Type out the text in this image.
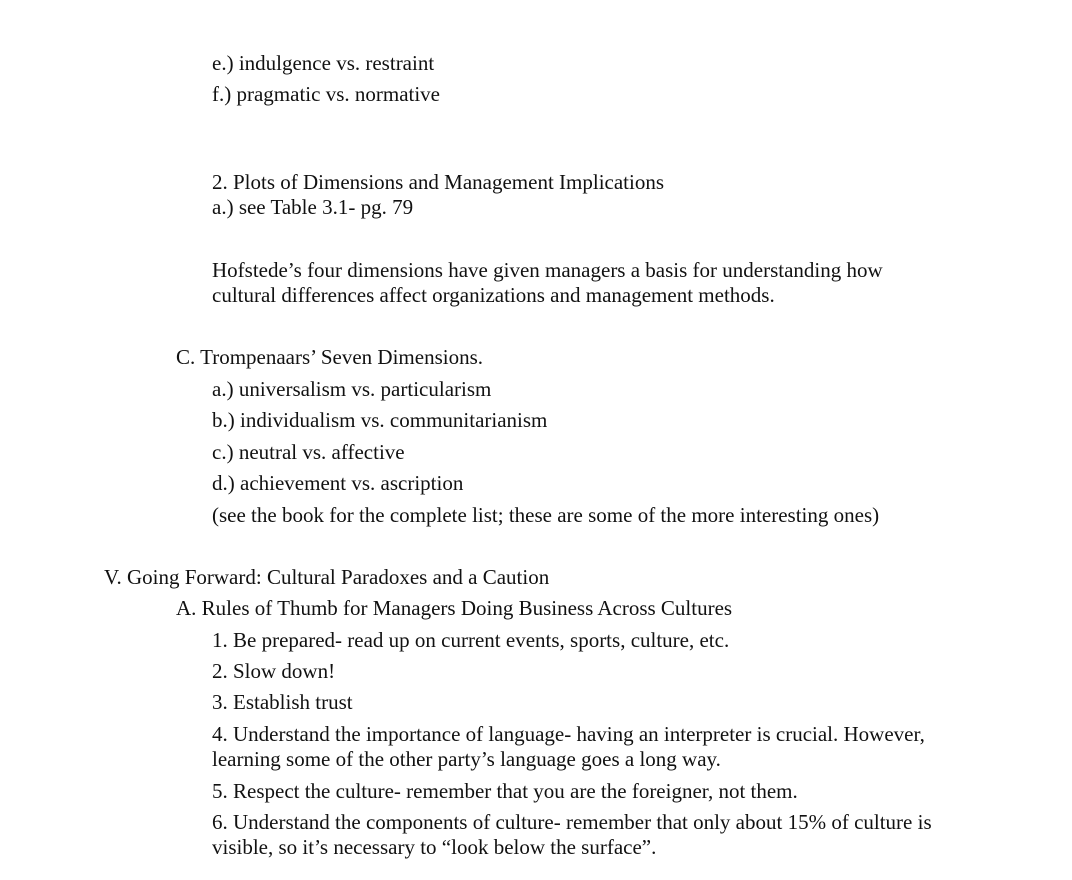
e.) indulgence vs. restraint
f.) pragmatic vs. normative
2. Plots of Dimensions and Management Implications
a.) see Table 3.1- pg. 79
Hofstede’s four dimensions have given managers a basis for understanding how
cultural differences affect organizations and management methods.
C. Trompenaars’ Seven Dimensions.
a.) universalism vs. particularism
b.) individualism vs. communitarianism
c.) neutral vs. affective
d.) achievement vs. ascription
(see the book for the complete list; these are some of the more interesting ones)
V. Going Forward: Cultural Paradoxes and a Caution
A. Rules of Thumb for Managers Doing Business Across Cultures
1. Be prepared- read up on current events, sports, culture, etc.
2. Slow down!
3. Establish trust
4. Understand the importance of language- having an interpreter is crucial. However,
learning some of the other party’s language goes a long way.
5. Respect the culture- remember that you are the foreigner, not them.
6. Understand the components of culture- remember that only about 15% of culture is
visible, so it’s necessary to “look below the surface”.
